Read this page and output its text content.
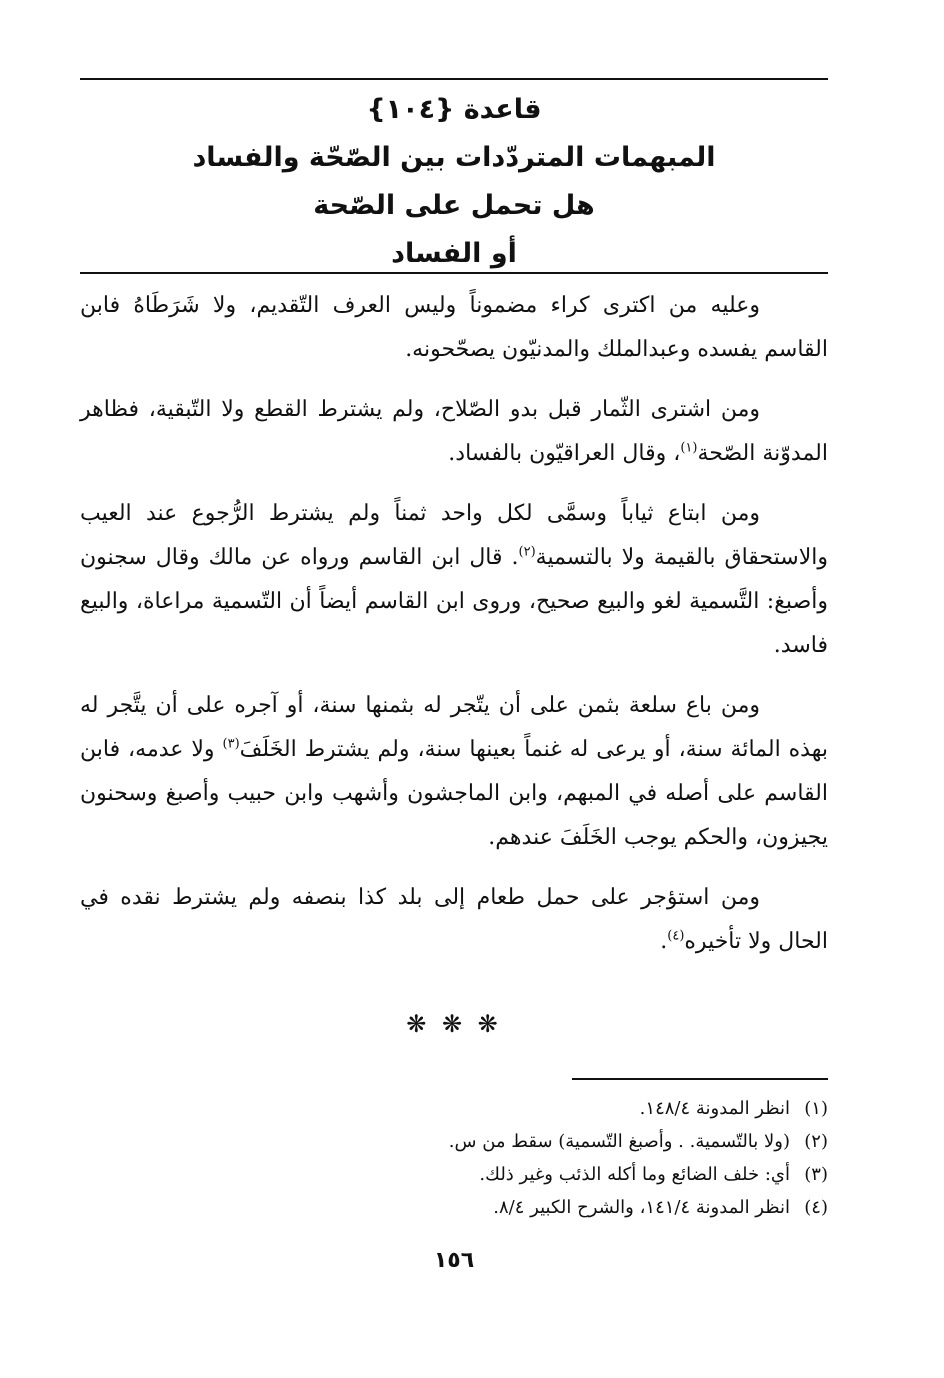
قاعدة {١٠٤}
المبهمات المتردّدات بين الصّحّة والفساد
هل تحمل على الصّحة
أو الفساد

وعليه من اكترى كراء مضموناً وليس العرف التّقديم، ولا شَرَطَاهُ فابن القاسم يفسده وعبدالملك والمدنيّون يصحّحونه.

ومن اشترى الثّمار قبل بدو الصّلاح، ولم يشترط القطع ولا التّبقية، فظاهر المدوّنة الصّحة$^{(١)}$، وقال العراقيّون بالفساد.

ومن ابتاع ثياباً وسمَّى لكل واحد ثمناً ولم يشترط الرُّجوع عند العيب والاستحقاق بالقيمة ولا بالتسمية$^{(٢)}$. قال ابن القاسم ورواه عن مالك وقال سجنون وأصبغ: التَّسمية لغو والبيع صحيح، وروى ابن القاسم أيضاً أن التّسمية مراعاة، والبيع فاسد.

ومن باع سلعة بثمن على أن يتّجر له بثمنها سنة، أو آجره على أن يتَّجر له بهذه المائة سنة، أو يرعى له غنماً بعينها سنة، ولم يشترط الخَلَفَ$^{(٣)}$ ولا عدمه، فابن القاسم على أصله في المبهم، وابن الماجشون وأشهب وابن حبيب وأصبغ وسحنون يجيزون، والحكم يوجب الخَلَفَ عندهم.

ومن استؤجر على حمل طعام إلى بلد كذا بنصفه ولم يشترط نقده في الحال ولا تأخيره$^{(٤)}$.

❋ ❋ ❋
(١)انظر المدونة ١٤٨/٤.
(٢)(ولا بالتّسمية. . وأصبغ التّسمية) سقط من س.
(٣)أي: خلف الضائع وما أكله الذئب وغير ذلك.
(٤)انظر المدونة ١٤١/٤، والشرح الكبير ٨/٤.
١٥٦
